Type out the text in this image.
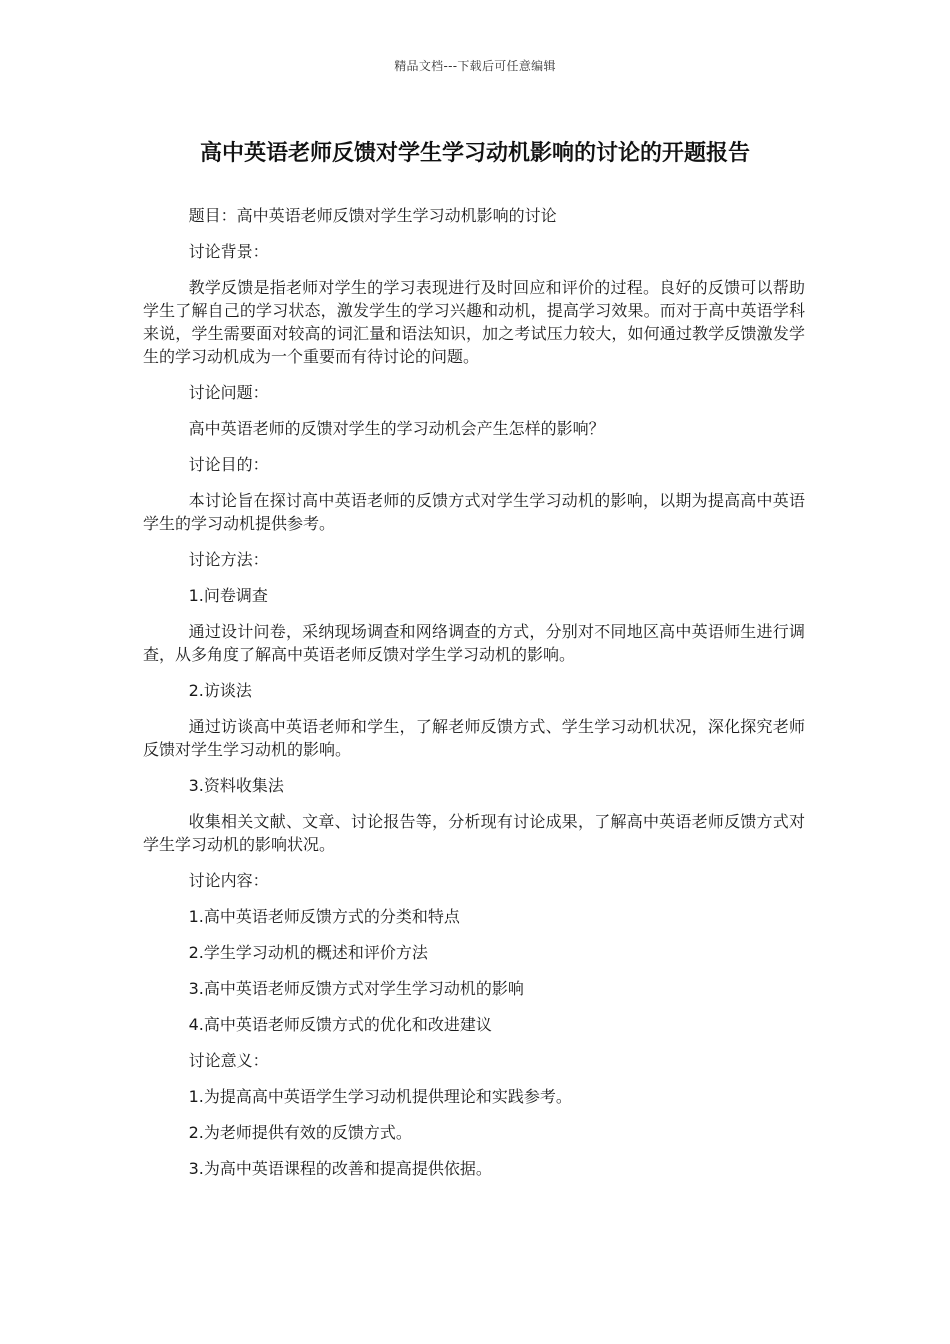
精品文档---下载后可任意编辑
高中英语老师反馈对学生学习动机影响的讨论的开题报告

题目：高中英语老师反馈对学生学习动机影响的讨论

讨论背景：

教学反馈是指老师对学生的学习表现进行及时回应和评价的过程。良好的反馈可以帮助学生了解自己的学习状态，激发学生的学习兴趣和动机，提高学习效果。而对于高中英语学科来说，学生需要面对较高的词汇量和语法知识，加之考试压力较大，如何通过教学反馈激发学生的学习动机成为一个重要而有待讨论的问题。

讨论问题：

高中英语老师的反馈对学生的学习动机会产生怎样的影响？

讨论目的：

本讨论旨在探讨高中英语老师的反馈方式对学生学习动机的影响，以期为提高高中英语学生的学习动机提供参考。

讨论方法：

1.问卷调查

通过设计问卷，采纳现场调查和网络调查的方式，分别对不同地区高中英语师生进行调查，从多角度了解高中英语老师反馈对学生学习动机的影响。

2.访谈法

通过访谈高中英语老师和学生，了解老师反馈方式、学生学习动机状况，深化探究老师反馈对学生学习动机的影响。

3.资料收集法

收集相关文献、文章、讨论报告等，分析现有讨论成果，了解高中英语老师反馈方式对学生学习动机的影响状况。

讨论内容：

1.高中英语老师反馈方式的分类和特点

2.学生学习动机的概述和评价方法

3.高中英语老师反馈方式对学生学习动机的影响

4.高中英语老师反馈方式的优化和改进建议

讨论意义：

1.为提高高中英语学生学习动机提供理论和实践参考。

2.为老师提供有效的反馈方式。

3.为高中英语课程的改善和提高提供依据。
